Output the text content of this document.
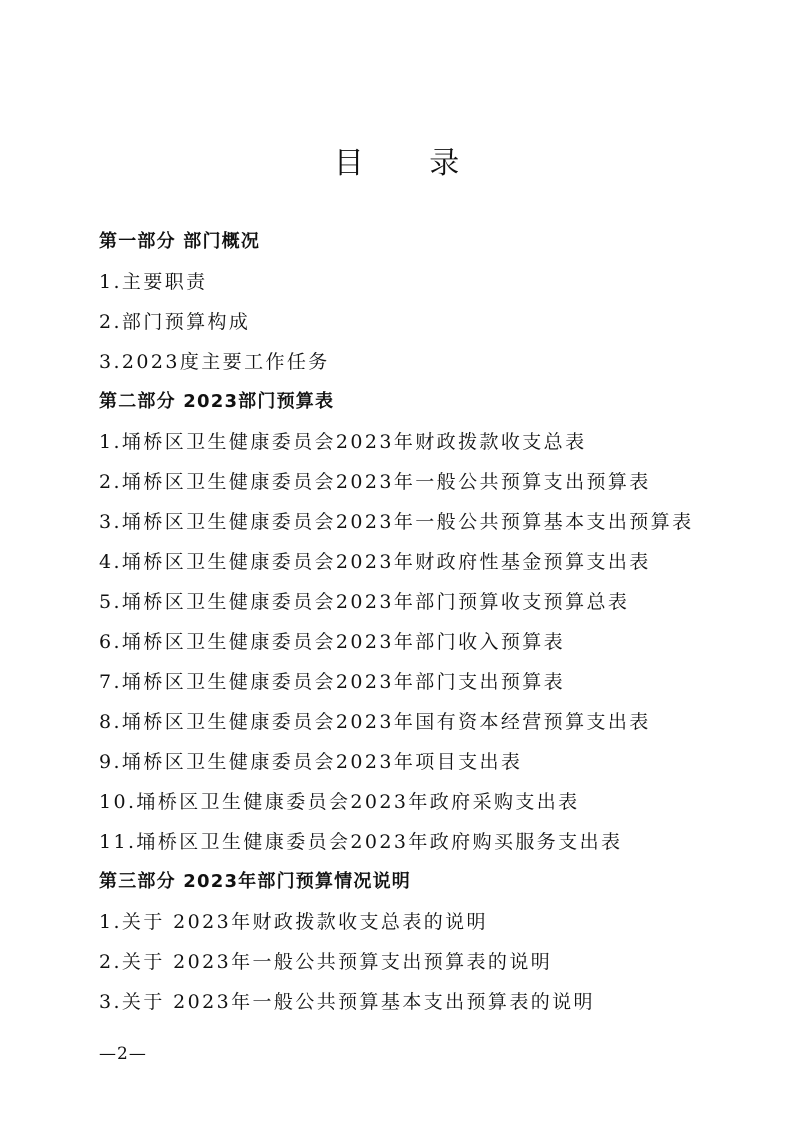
目 录
第一部分 部门概况
1.主要职责
2.部门预算构成
3.2023度主要工作任务
第二部分 2023部门预算表
1.埇桥区卫生健康委员会2023年财政拨款收支总表
2.埇桥区卫生健康委员会2023年一般公共预算支出预算表
3.埇桥区卫生健康委员会2023年一般公共预算基本支出预算表
4.埇桥区卫生健康委员会2023年财政府性基金预算支出表
5.埇桥区卫生健康委员会2023年部门预算收支预算总表
6.埇桥区卫生健康委员会2023年部门收入预算表
7.埇桥区卫生健康委员会2023年部门支出预算表
8.埇桥区卫生健康委员会2023年国有资本经营预算支出表
9.埇桥区卫生健康委员会2023年项目支出表
10.埇桥区卫生健康委员会2023年政府采购支出表
11.埇桥区卫生健康委员会2023年政府购买服务支出表
第三部分 2023年部门预算情况说明
1.关于 2023年财政拨款收支总表的说明
2.关于 2023年一般公共预算支出预算表的说明
3.关于 2023年一般公共预算基本支出预算表的说明
—2—
